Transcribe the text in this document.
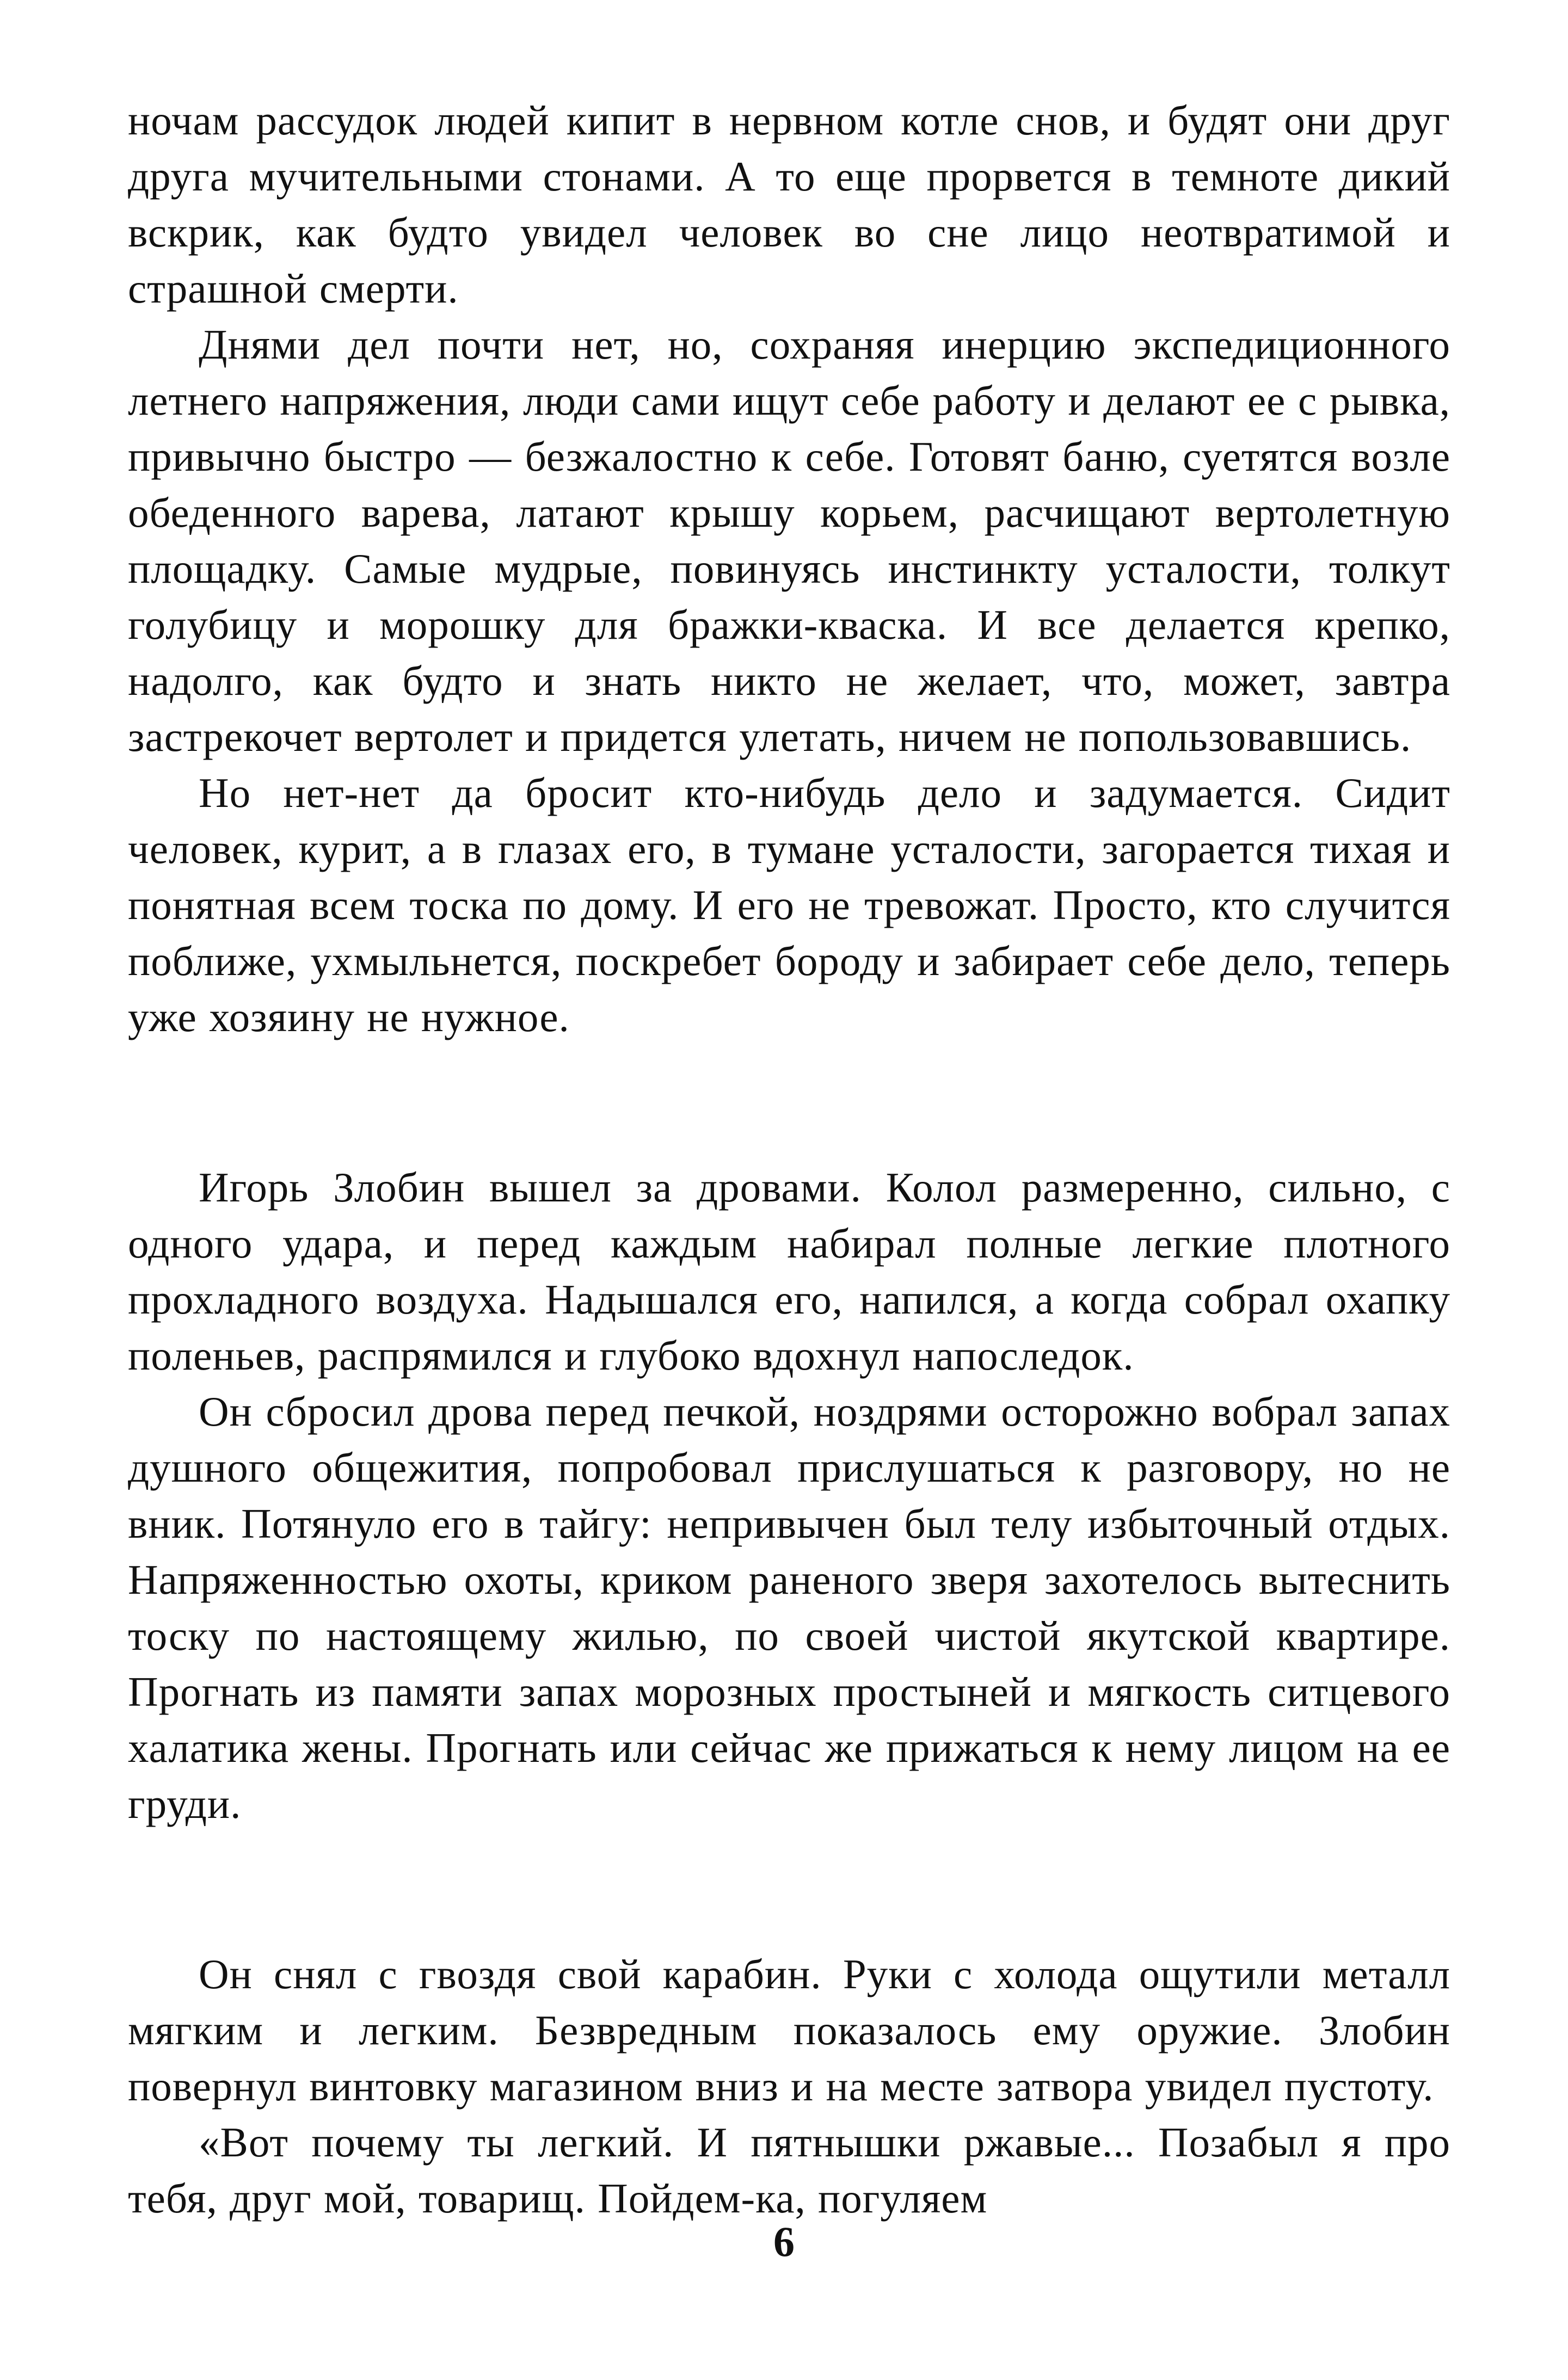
ночам рассудок людей кипит в нервном котле снов, и будят они друг друга мучительными стонами. А то еще прорвется в темноте дикий вскрик, как будто увидел человек во сне лицо неотвратимой и страшной смерти.

Днями дел почти нет, но, сохраняя инерцию экспедиционного летнего напряжения, люди сами ищут себе работу и делают ее с рывка, привычно быстро — безжалостно к себе. Готовят баню, суетятся возле обеденного варева, латают крышу корьем, расчищают вертолетную площадку. Самые мудрые, повинуясь инстинкту усталости, толкут голубицу и морошку для бражки-кваска. И все делается крепко, надолго, как будто и знать никто не желает, что, может, завтра застрекочет вертолет и придется улетать, ничем не попользовавшись.

Но нет-нет да бросит кто-нибудь дело и задумается. Сидит человек, курит, а в глазах его, в тумане усталости, загорается тихая и понятная всем тоска по дому. И его не тревожат. Просто, кто случится поближе, ухмыльнется, поскребет бороду и забирает себе дело, теперь уже хозяину не нужное.

Игорь Злобин вышел за дровами. Колол размеренно, сильно, с одного удара, и перед каждым набирал полные легкие плотного прохладного воздуха. Надышался его, напился, а когда собрал охапку поленьев, распрямился и глубоко вдохнул напоследок.

Он сбросил дрова перед печкой, ноздрями осторожно вобрал запах душного общежития, попробовал прислушаться к разговору, но не вник. Потянуло его в тайгу: непривычен был телу избыточный отдых. Напряженностью охоты, криком раненого зверя захотелось вытеснить тоску по настоящему жилью, по своей чистой якутской квартире. Прогнать из памяти запах морозных простыней и мягкость ситцевого халатика жены. Прогнать или сейчас же прижаться к нему лицом на ее груди.

Он снял с гвоздя свой карабин. Руки с холода ощутили металл мягким и легким. Безвредным показалось ему оружие. Злобин повернул винтовку магазином вниз и на месте затвора увидел пустоту.

«Вот почему ты легкий. И пятнышки ржавые... Позабыл я про тебя, друг мой, товарищ. Пойдем-ка, погуляем

6
